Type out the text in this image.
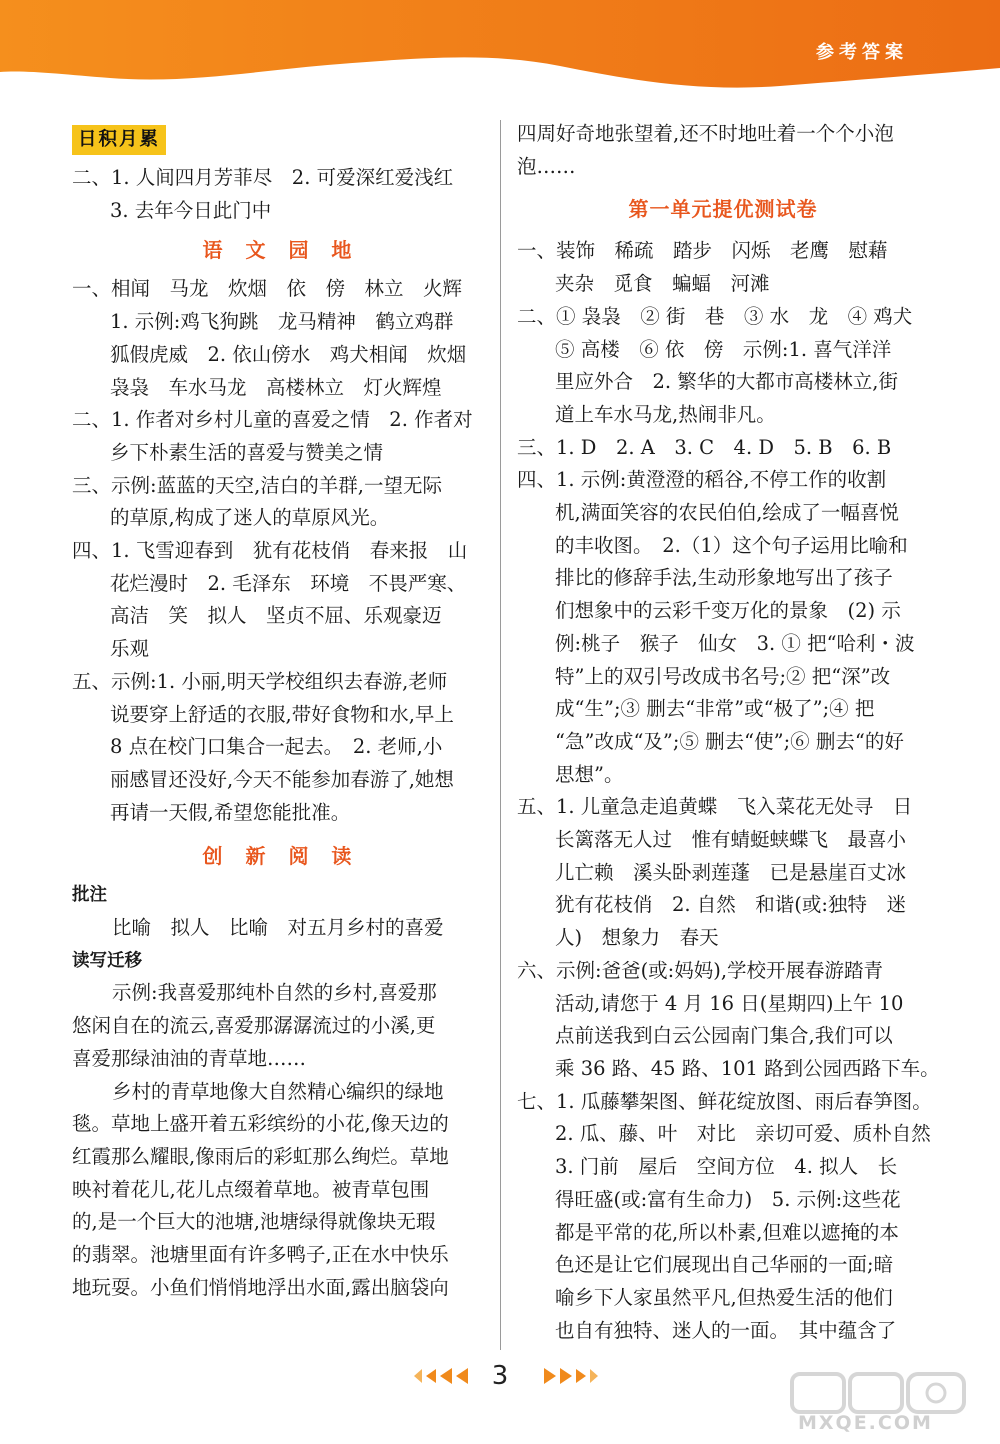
参考答案
日积月累
二、1. 人间四月芳菲尽　2. 可爱深红爱浅红
3. 去年今日此门中
语 文 园 地
一、相闻　马龙　炊烟　依　傍　林立　火辉
1. 示例:鸡飞狗跳　龙马精神　鹤立鸡群
狐假虎威　2. 依山傍水　鸡犬相闻　炊烟
袅袅　车水马龙　高楼林立　灯火辉煌
二、1. 作者对乡村儿童的喜爱之情　2. 作者对
乡下朴素生活的喜爱与赞美之情
三、示例:蓝蓝的天空,洁白的羊群,一望无际
的草原,构成了迷人的草原风光。
四、1. 飞雪迎春到　犹有花枝俏　春来报　山
花烂漫时　2. 毛泽东　环境　不畏严寒、
高洁　笑　拟人　坚贞不屈、乐观豪迈
乐观
五、示例:1. 小丽,明天学校组织去春游,老师
说要穿上舒适的衣服,带好食物和水,早上
8 点在校门口集合一起去。　2. 老师,小
丽感冒还没好,今天不能参加春游了,她想
再请一天假,希望您能批准。
创 新 阅 读
批注
比喻　拟人　比喻　对五月乡村的喜爱
读写迁移
示例:我喜爱那纯朴自然的乡村,喜爱那
悠闲自在的流云,喜爱那潺潺流过的小溪,更
喜爱那绿油油的青草地……
乡村的青草地像大自然精心编织的绿地
毯。草地上盛开着五彩缤纷的小花,像天边的
红霞那么耀眼,像雨后的彩虹那么绚烂。草地
映衬着花儿,花儿点缀着草地。被青草包围
的,是一个巨大的池塘,池塘绿得就像块无瑕
的翡翠。池塘里面有许多鸭子,正在水中快乐
地玩耍。小鱼们悄悄地浮出水面,露出脑袋向
四周好奇地张望着,还不时地吐着一个个小泡
泡……
第一单元提优测试卷
一、装饰　稀疏　踏步　闪烁　老鹰　慰藉
夹杂　觅食　蝙蝠　河滩
二、① 袅袅　② 街　巷　③ 水　龙　④ 鸡犬
⑤ 高楼　⑥ 依　傍　示例:1. 喜气洋洋
里应外合　2. 繁华的大都市高楼林立,街
道上车水马龙,热闹非凡。
三、1. D　2. A　3. C　4. D　5. B　6. B
四、1. 示例:黄澄澄的稻谷,不停工作的收割
机,满面笑容的农民伯伯,绘成了一幅喜悦
的丰收图。　2.（1）这个句子运用比喻和
排比的修辞手法,生动形象地写出了孩子
们想象中的云彩千变万化的景象　(2) 示
例:桃子　猴子　仙女　3. ① 把“哈利・波
特”上的双引号改成书名号;② 把“深”改
成“生”;③ 删去“非常”或“极了”;④ 把
“急”改成“及”;⑤ 删去“使”;⑥ 删去“的好
思想”。
五、1. 儿童急走追黄蝶　飞入菜花无处寻　日
长篱落无人过　惟有蜻蜓蛱蝶飞　最喜小
儿亡赖　溪头卧剥莲蓬　已是悬崖百丈冰
犹有花枝俏　2. 自然　和谐(或:独特　迷
人)　想象力　春天
六、示例:爸爸(或:妈妈),学校开展春游踏青
活动,请您于 4 月 16 日(星期四)上午 10
点前送我到白云公园南门集合,我们可以
乘 36 路、45 路、101 路到公园西路下车。
七、1. 瓜藤攀架图、鲜花绽放图、雨后春笋图。
2. 瓜、藤、叶　对比　亲切可爱、质朴自然
3. 门前　屋后　空间方位　4. 拟人　长
得旺盛(或:富有生命力)　5. 示例:这些花
都是平常的花,所以朴素,但难以遮掩的本
色还是让它们展现出自己华丽的一面;暗
喻乡下人家虽然平凡,但热爱生活的他们
也自有独特、迷人的一面。　其中蕴含了
3
MXQE.COM
